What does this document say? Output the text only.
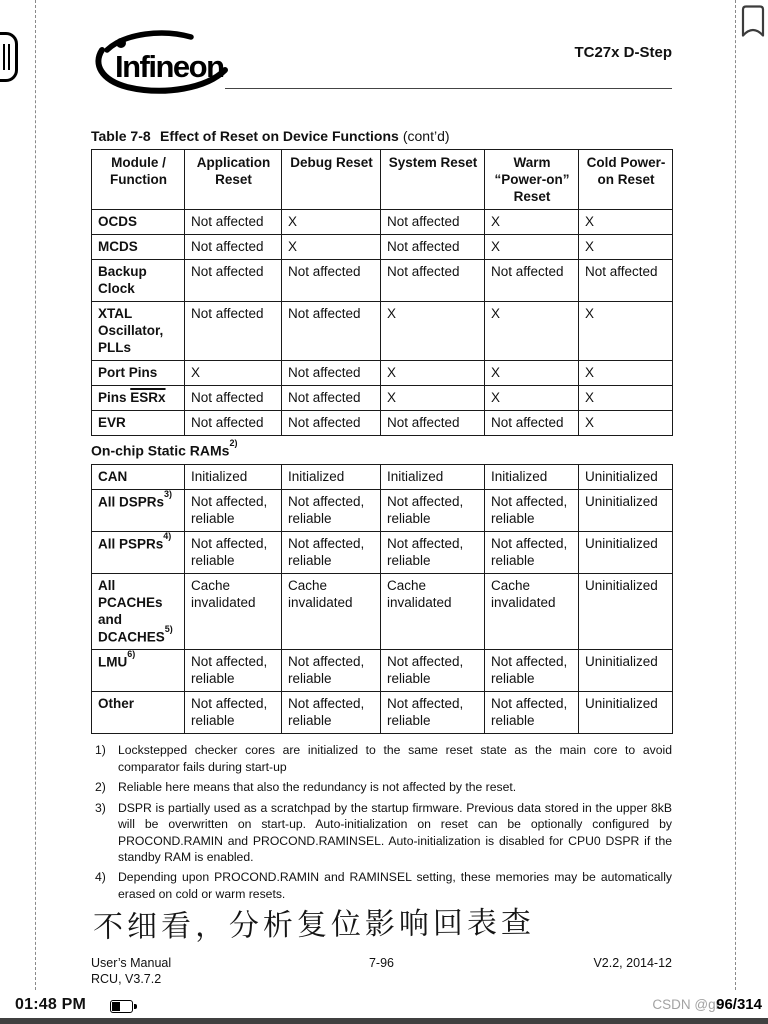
Infineon	TC27x D-Step
Table 7-8 Effect of Reset on Device Functions (cont’d)
Module / Function	Application Reset	Debug Reset	System Reset	Warm “Power-on” Reset	Cold Power-on Reset
OCDS	Not affected	X	Not affected	X	X
MCDS	Not affected	X	Not affected	X	X
Backup Clock	Not affected	Not affected	Not affected	Not affected	Not affected
XTAL Oscillator, PLLs	Not affected	Not affected	X	X	X
Port Pins	X	Not affected	X	X	X
Pins ESRx	Not affected	Not affected	X	X	X
EVR	Not affected	Not affected	Not affected	Not affected	X
On-chip Static RAMs$^{2)}$
CAN	Initialized	Initialized	Initialized	Initialized	Uninitialized
All DSPRs$^{3)}$	Not affected, reliable	Not affected, reliable	Not affected, reliable	Not affected, reliable	Uninitialized
All PSPRs$^{4)}$	Not affected, reliable	Not affected, reliable	Not affected, reliable	Not affected, reliable	Uninitialized
All PCACHEs and DCACHES$^{5)}$	Cache invalidated	Cache invalidated	Cache invalidated	Cache invalidated	Uninitialized
LMU$^{6)}$	Not affected, reliable	Not affected, reliable	Not affected, reliable	Not affected, reliable	Uninitialized
Other	Not affected, reliable	Not affected, reliable	Not affected, reliable	Not affected, reliable	Uninitialized
1) Lockstepped checker cores are initialized to the same reset state as the main core to avoid comparator fails during start-up
2) Reliable here means that also the redundancy is not affected by the reset.
3) DSPR is partially used as a scratchpad by the startup firmware. Previous data stored in the upper 8kB will be overwritten on start-up. Auto-initialization on reset can be optionally configured by PROCOND.RAMIN and PROCOND.RAMINSEL. Auto-initialization is disabled for CPU0 DSPR if the standby RAM is enabled.
4) Depending upon PROCOND.RAMIN and RAMINSEL setting, these memories may be automatically erased on cold or warm resets.
不细看，分析复位影响回表查
User’s Manual
RCU, V3.7.2
7-96	V2.2, 2014-12
01:48 PM	CSDN @gr96/314
